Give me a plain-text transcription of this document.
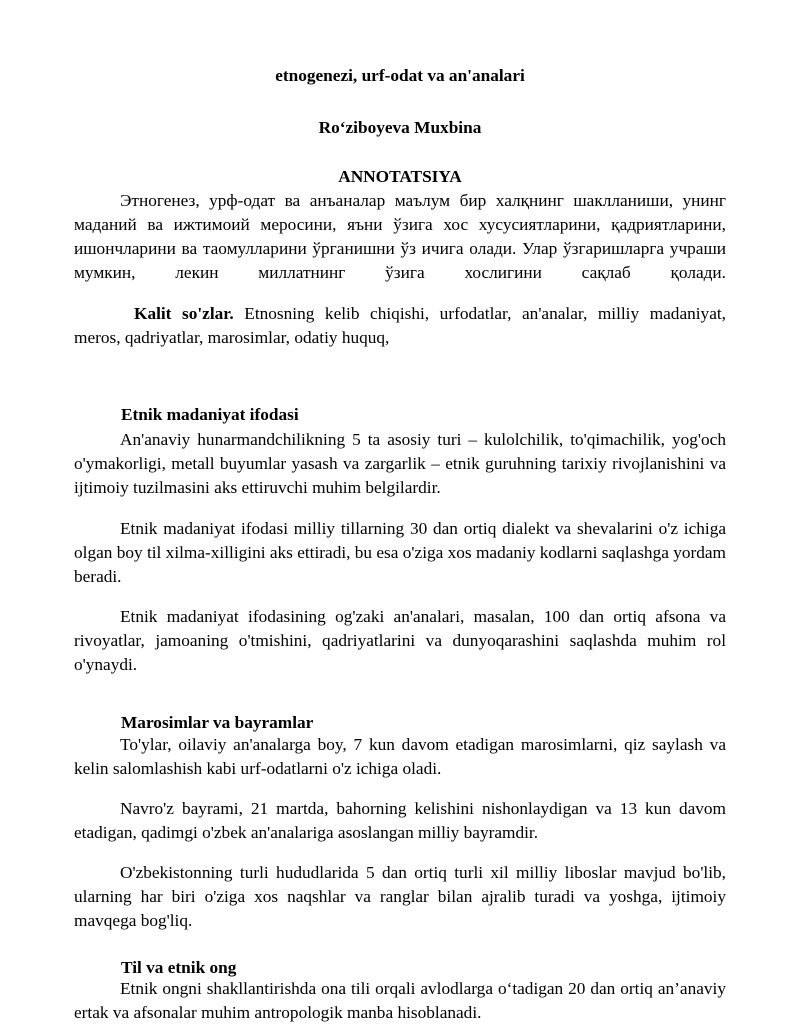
etnogenezi, urf-odat va an'analari

Ro‘ziboyeva Muxbina

ANNOTATSIYA

Этногенез, урф-одат ва анъаналар маълум бир халқнинг шаклланиши, унинг маданий ва ижтимоий меросини, яъни ўзига хос хусусиятларини, қадриятларини, ишончларини ва таомулларини ўрганишни ўз ичига олади. Улар ўзгаришларга учраши мумкин, лекин миллатнинг ўзига хослигини сақлаб қолади.

Kalit so'zlar. Etnosning kelib chiqishi, urfodatlar, an'analar, milliy madaniyat, meros, qadriyatlar, marosimlar, odatiy huquq,

Etnik madaniyat ifodasi

An'anaviy hunarmandchilikning 5 ta asosiy turi – kulolchilik, to'qimachilik, yog'och o'ymakorligi, metall buyumlar yasash va zargarlik – etnik guruhning tarixiy rivojlanishini va ijtimoiy tuzilmasini aks ettiruvchi muhim belgilardir.

Etnik madaniyat ifodasi milliy tillarning 30 dan ortiq dialekt va shevalarini o'z ichiga olgan boy til xilma-xilligini aks ettiradi, bu esa o'ziga xos madaniy kodlarni saqlashga yordam beradi.

Etnik madaniyat ifodasining og'zaki an'analari, masalan, 100 dan ortiq afsona va rivoyatlar, jamoaning o'tmishini, qadriyatlarini va dunyoqarashini saqlashda muhim rol o'ynaydi.

Marosimlar va bayramlar

To'ylar, oilaviy an'analarga boy, 7 kun davom etadigan marosimlarni, qiz saylash va kelin salomlashish kabi urf-odatlarni o'z ichiga oladi.

Navro'z bayrami, 21 martda, bahorning kelishini nishonlaydigan va 13 kun davom etadigan, qadimgi o'zbek an'analariga asoslangan milliy bayramdir.

O'zbekistonning turli hududlarida 5 dan ortiq turli xil milliy liboslar mavjud bo'lib, ularning har biri o'ziga xos naqshlar va ranglar bilan ajralib turadi va yoshga, ijtimoiy mavqega bog'liq.

Til va etnik ong

Etnik ongni shakllantirishda ona tili orqali avlodlarga o‘tadigan 20 dan ortiq an’anaviy ertak va afsonalar muhim antropologik manba hisoblanadi.
